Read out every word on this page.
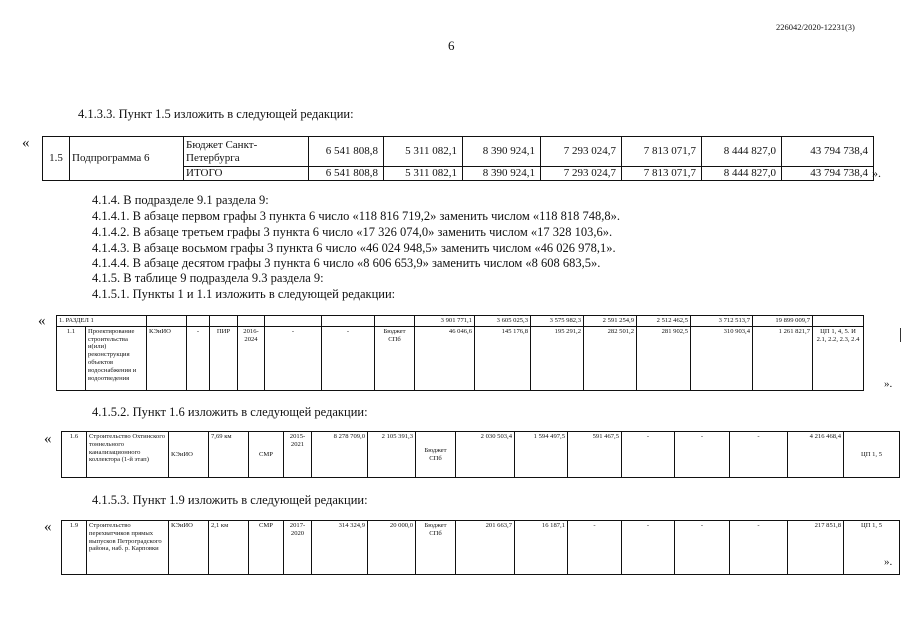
226042/2020-12231(3)
6
4.1.3.3. Пункт 1.5 изложить в следующей редакции:
«
1.5	Подпрограмма 6	Бюджет Санкт-Петербурга	6 541 808,8	5 311 082,1	8 390 924,1	7 293 024,7	7 813 071,7	8 444 827,0	43 794 738,4
		ИТОГО	6 541 808,8	5 311 082,1	8 390 924,1	7 293 024,7	7 813 071,7	8 444 827,0	43 794 738,4 ».
4.1.4. В подразделе 9.1 раздела 9:
4.1.4.1. В абзаце первом графы 3 пункта 6 число «118 816 719,2» заменить числом «118 818 748,8».
4.1.4.2. В абзаце третьем графы 3 пункта 6 число «17 326 074,0» заменить числом «17 328 103,6».
4.1.4.3. В абзаце восьмом графы 3 пункта 6 число «46 024 948,5» заменить числом «46 026 978,1».
4.1.4.4. В абзаце десятом графы 3 пункта 6 число «8 606 653,9» заменить числом «8 608 683,5».
4.1.5. В таблице 9 подраздела 9.3 раздела 9:
4.1.5.1. Пункты 1 и 1.1 изложить в следующей редакции:
« 1. РАЗДЕЛ 1									3 901 771,1	3 605 025,3	3 575 982,3	2 591 254,9	2 512 462,5	3 712 513,7	19 899 009,7	
1.1	Проектирование строительства и(или) реконструкция объектов водоснабжения и водоотведения	КЭиИО	-	ПИР	2016-2024	-	-	Бюджет СПб	46 046,6	145 176,8	195 291,2	282 501,2	281 902,5	310 903,4	1 261 821,7	ЦП 1, 4, 5. И 2.1, 2.2, 2.3, 2.4
».
4.1.5.2. Пункт 1.6 изложить в следующей редакции:
«	1.6	Строительство Охтинского тоннельного канализационного коллектора (1-й этап)	КЭиИО	7,69 км	СМР	2015-2021	8 278 709,0	2 105 391,3	Бюджет СПб	2 030 503,4	1 594 497,5	591 467,5	-	-	-	4 216 468,4	ЦП 1, 5
4.1.5.3. Пункт 1.9 изложить в следующей редакции:
«	1.9	Строительство перехватчиков прямых выпусков Петроградского района, наб. р. Карповки	КЭиИО	2,1 км	СМР	2017-2020	314 324,9	20 000,0	Бюджет СПб	201 663,7	16 187,1	-	-	-	-	217 851,8	ЦП 1, 5
».
